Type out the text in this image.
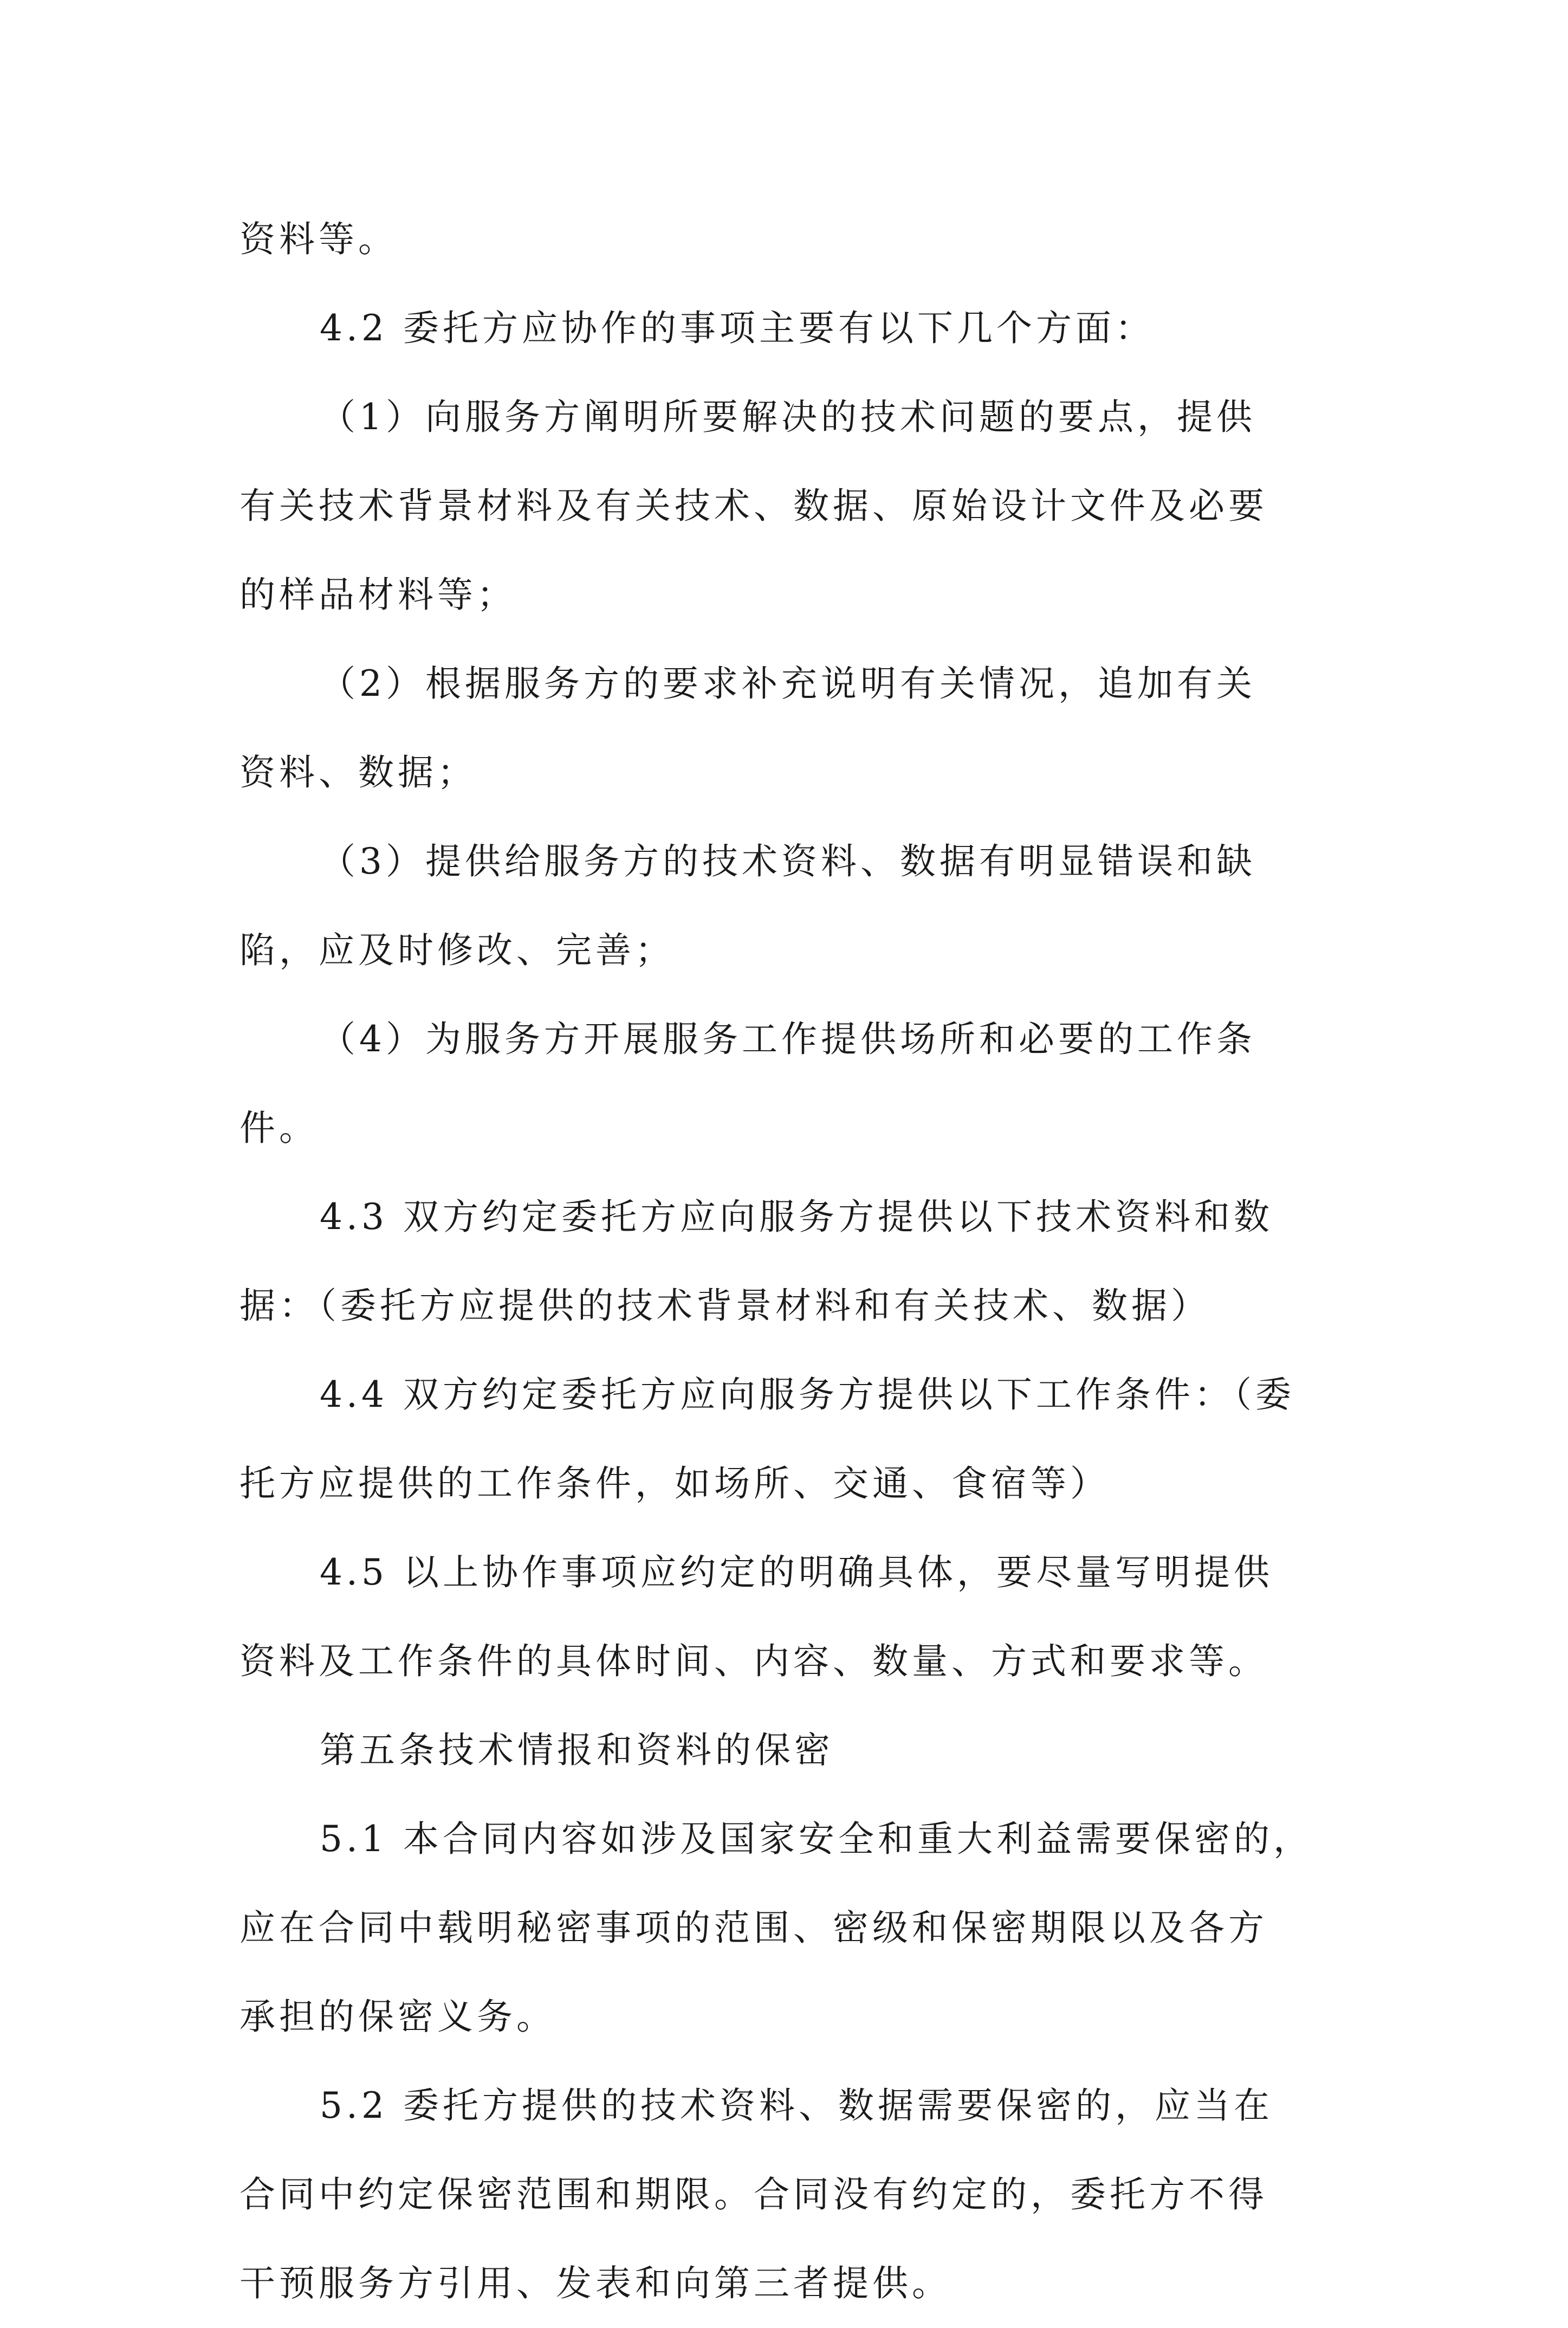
资料等。
4.2 委托方应协作的事项主要有以下几个方面：
（1）向服务方阐明所要解决的技术问题的要点，提供
有关技术背景材料及有关技术、数据、原始设计文件及必要
的样品材料等；
（2）根据服务方的要求补充说明有关情况，追加有关
资料、数据；
（3）提供给服务方的技术资料、数据有明显错误和缺
陷，应及时修改、完善；
（4）为服务方开展服务工作提供场所和必要的工作条
件。
4.3 双方约定委托方应向服务方提供以下技术资料和数
据：（委托方应提供的技术背景材料和有关技术、数据）
4.4 双方约定委托方应向服务方提供以下工作条件：（委
托方应提供的工作条件，如场所、交通、食宿等）
4.5 以上协作事项应约定的明确具体，要尽量写明提供
资料及工作条件的具体时间、内容、数量、方式和要求等。
第五条技术情报和资料的保密
5.1 本合同内容如涉及国家安全和重大利益需要保密的，
应在合同中载明秘密事项的范围、密级和保密期限以及各方
承担的保密义务。
5.2 委托方提供的技术资料、数据需要保密的，应当在
合同中约定保密范围和期限。合同没有约定的，委托方不得
干预服务方引用、发表和向第三者提供。
